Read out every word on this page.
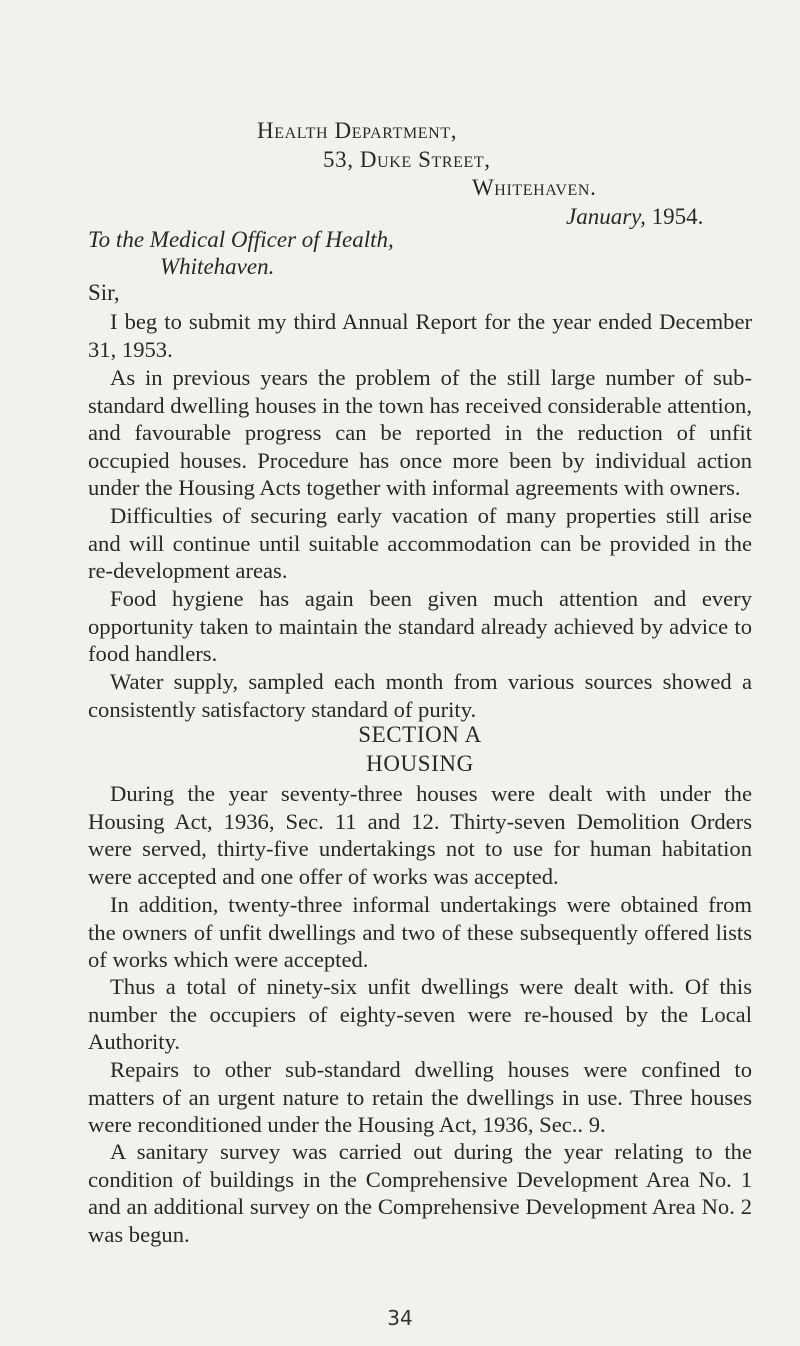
Health Department,
53, Duke Street,
Whitehaven.
January, 1954.
To the Medical Officer of Health,
Whitehaven.
Sir,

I beg to submit my third Annual Report for the year ended December 31, 1953.

As in previous years the problem of the still large number of sub-standard dwelling houses in the town has received considerable attention, and favourable progress can be reported in the reduction of unfit occupied houses. Procedure has once more been by individual action under the Housing Acts together with informal agreements with owners.

Difficulties of securing early vacation of many properties still arise and will continue until suitable accommodation can be provided in the re-development areas.

Food hygiene has again been given much attention and every opportunity taken to maintain the standard already achieved by advice to food handlers.

Water supply, sampled each month from various sources showed a consistently satisfactory standard of purity.

SECTION A
HOUSING

During the year seventy-three houses were dealt with under the Housing Act, 1936, Sec. 11 and 12. Thirty-seven Demolition Orders were served, thirty-five undertakings not to use for human habitation were accepted and one offer of works was accepted.

In addition, twenty-three informal undertakings were obtained from the owners of unfit dwellings and two of these subsequently offered lists of works which were accepted.

Thus a total of ninety-six unfit dwellings were dealt with. Of this number the occupiers of eighty-seven were re-housed by the Local Authority.

Repairs to other sub-standard dwelling houses were confined to matters of an urgent nature to retain the dwellings in use. Three houses were reconditioned under the Housing Act, 1936, Sec.. 9.

A sanitary survey was carried out during the year relating to the condition of buildings in the Comprehensive Development Area No. 1 and an additional survey on the Comprehensive Development Area No. 2 was begun.

34
